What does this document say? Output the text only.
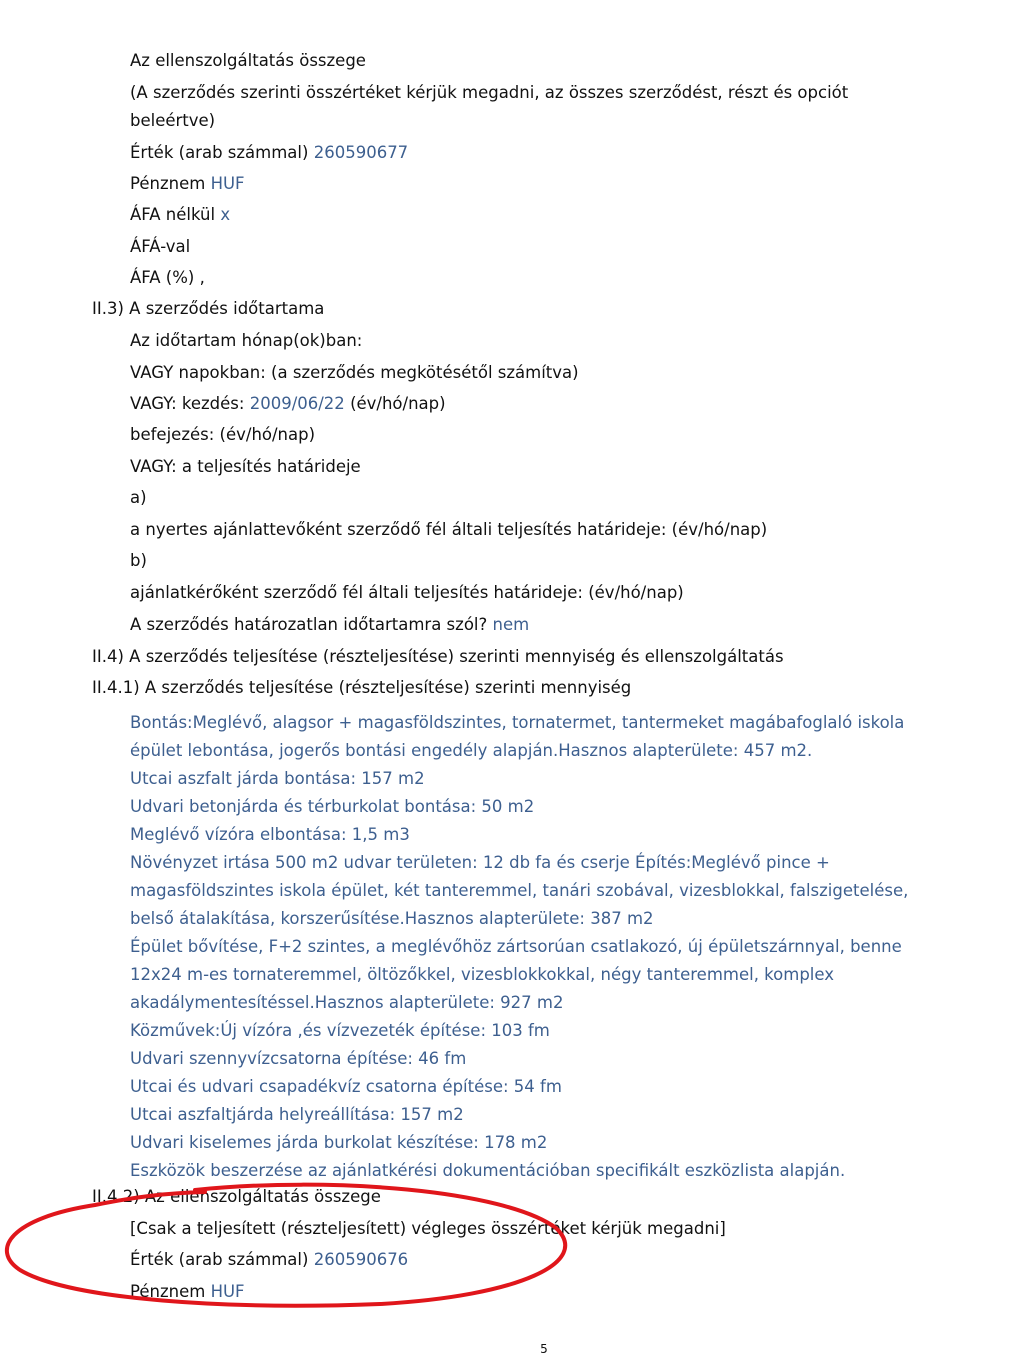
Az ellenszolgáltatás összege
(A szerződés szerinti összértéket kérjük megadni, az összes szerződést, részt és opciót
beleértve)
Érték (arab számmal) 260590677
Pénznem HUF
ÁFA nélkül x
ÁFÁ-val
ÁFA (%) ,
II.3) A szerződés időtartama
Az időtartam hónap(ok)ban:
VAGY napokban: (a szerződés megkötésétől számítva)
VAGY: kezdés: 2009/06/22 (év/hó/nap)
befejezés: (év/hó/nap)
VAGY: a teljesítés határideje
a)
a nyertes ajánlattevőként szerződő fél általi teljesítés határideje: (év/hó/nap)
b)
ajánlatkérőként szerződő fél általi teljesítés határideje: (év/hó/nap)
A szerződés határozatlan időtartamra szól? nem
II.4) A szerződés teljesítése (részteljesítése) szerinti mennyiség és ellenszolgáltatás
II.4.1) A szerződés teljesítése (részteljesítése) szerinti mennyiség
Bontás:Meglévő, alagsor + magasföldszintes, tornatermet, tantermeket magábafoglaló iskola
épület lebontása, jogerős bontási engedély alapján.Hasznos alapterülete: 457 m2.
Utcai aszfalt járda bontása: 157 m2
Udvari betonjárda és térburkolat bontása: 50 m2
Meglévő vízóra elbontása: 1,5 m3
Növényzet irtása 500 m2 udvar területen: 12 db fa és cserje Építés:Meglévő pince +
magasföldszintes iskola épület, két tanteremmel, tanári szobával, vizesblokkal, falszigetelése,
belső átalakítása, korszerűsítése.Hasznos alapterülete: 387 m2
Épület bővítése, F+2 szintes, a meglévőhöz zártsorúan csatlakozó, új épületszárnnyal, benne
12x24 m-es tornateremmel, öltözőkkel, vizesblokkokkal, négy tanteremmel, komplex
akadálymentesítéssel.Hasznos alapterülete: 927 m2
Közművek:Új vízóra ,és vízvezeték építése: 103 fm
Udvari szennyvízcsatorna építése: 46 fm
Utcai és udvari csapadékvíz csatorna építése: 54 fm
Utcai aszfaltjárda helyreállítása: 157 m2
Udvari kiselemes járda burkolat készítése: 178 m2
Eszközök beszerzése az ajánlatkérési dokumentációban specifikált eszközlista alapján.
II.4.2) Az ellenszolgáltatás összege
[Csak a teljesített (részteljesített) végleges összértéket kérjük megadni]
Érték (arab számmal) 260590676
Pénznem HUF
5
